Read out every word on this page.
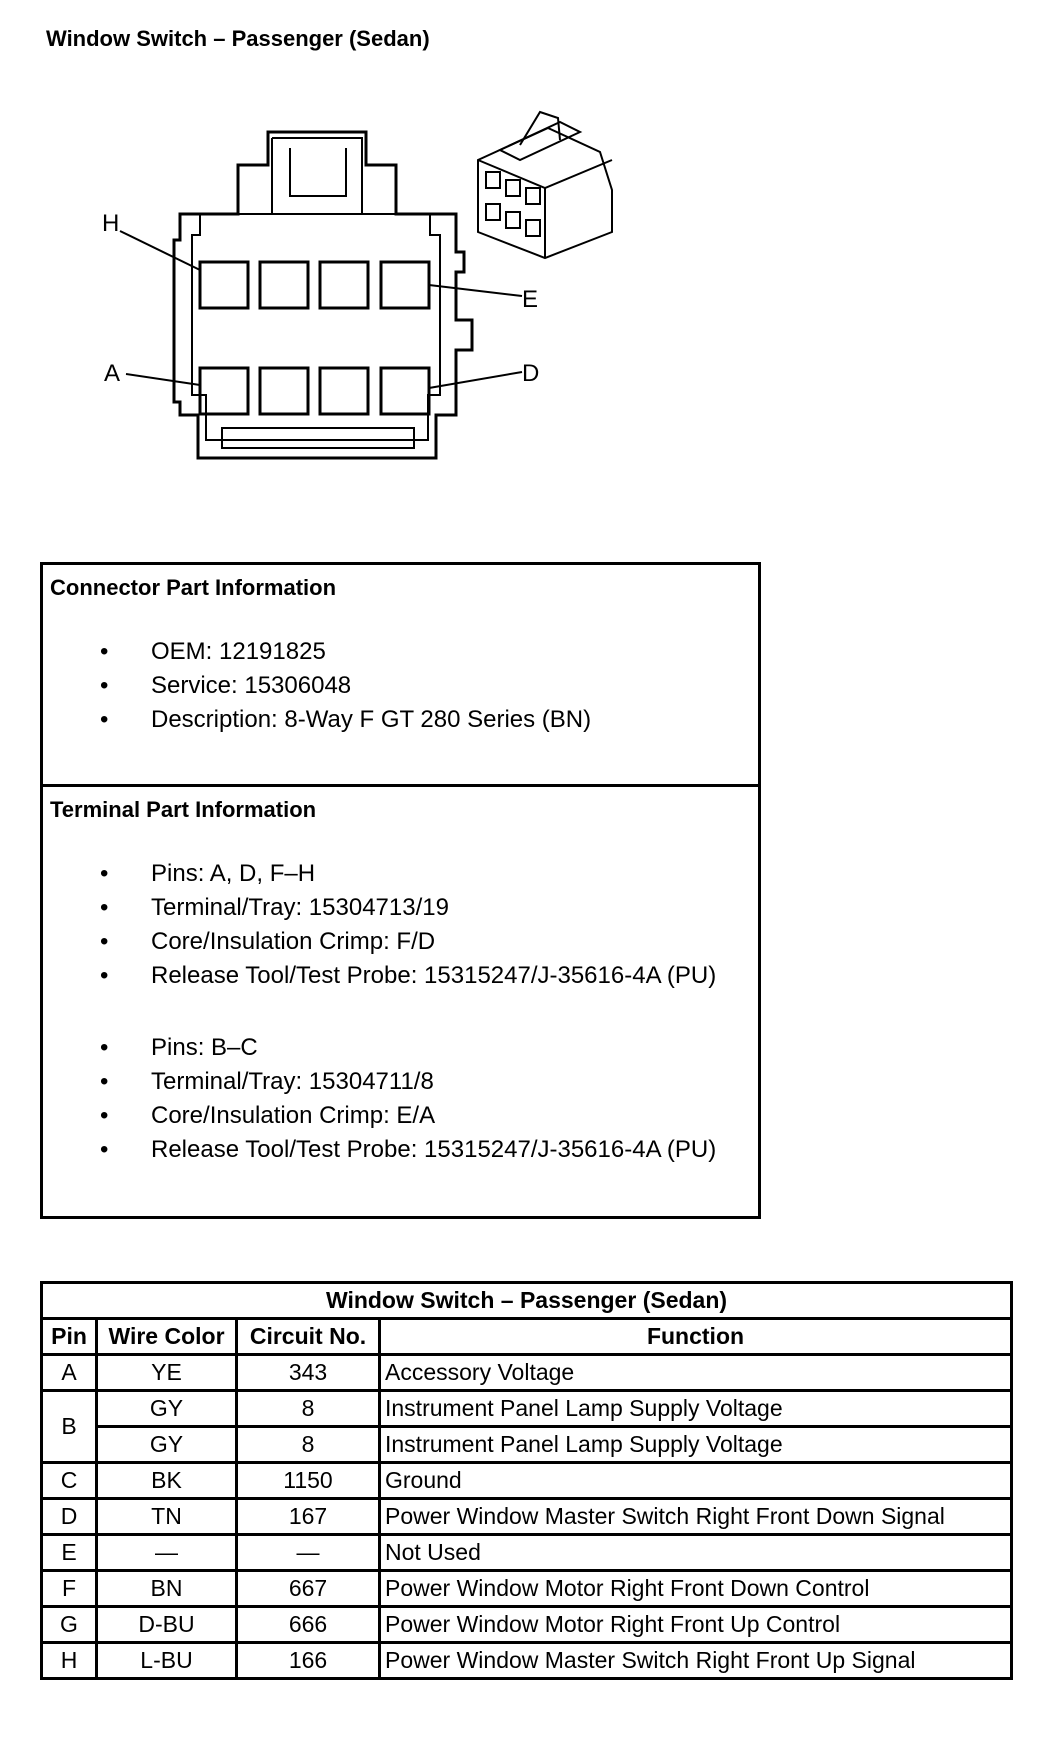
Window Switch – Passenger (Sedan)
H
E
A	D
Connector Part Information
• OEM: 12191825
• Service: 15306048
• Description: 8-Way F GT 280 Series (BN)
Terminal Part Information
• Pins: A, D, F–H
• Terminal/Tray: 15304713/19
• Core/Insulation Crimp: F/D
• Release Tool/Test Probe: 15315247/J-35616-4A (PU)
• Pins: B–C
• Terminal/Tray: 15304711/8
• Core/Insulation Crimp: E/A
• Release Tool/Test Probe: 15315247/J-35616-4A (PU)
Window Switch – Passenger (Sedan)			
Pin	Wire Color	Circuit No.	Function
A	YE	343	Accessory Voltage
B	GY	8	Instrument Panel Lamp Supply Voltage
	GY	8	Instrument Panel Lamp Supply Voltage
C	BK	1150	Ground
D	TN	167	Power Window Master Switch Right Front Down Signal
E	—	—	Not Used
F	BN	667	Power Window Motor Right Front Down Control
G	D-BU	666	Power Window Motor Right Front Up Control
H	L-BU	166	Power Window Master Switch Right Front Up Signal
